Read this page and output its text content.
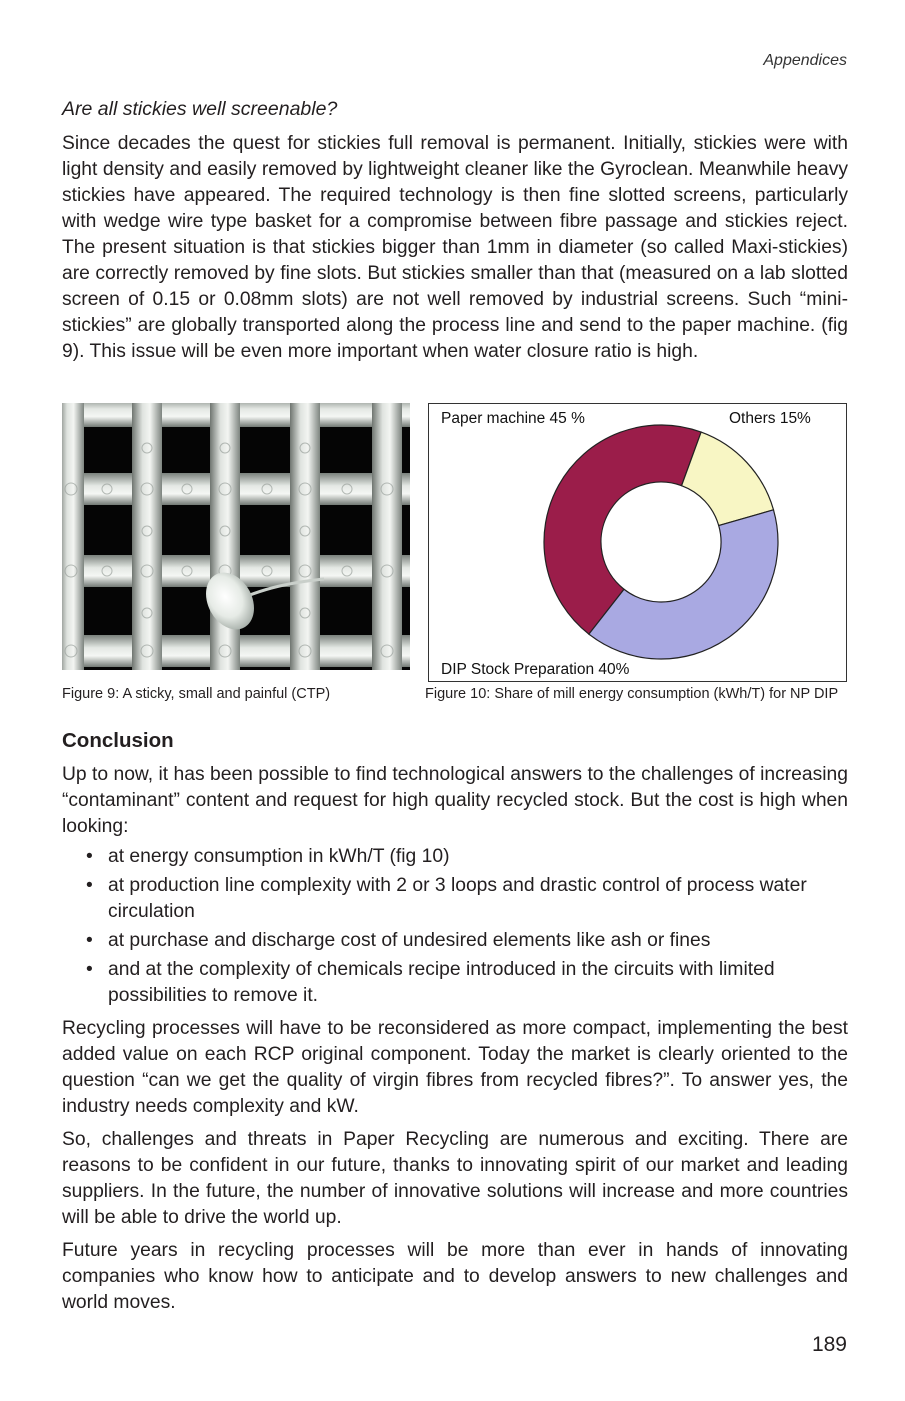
Appendices
Are all stickies well screenable?

Since decades the quest for stickies full removal is permanent. Initially, stickies were with light density and easily removed by lightweight cleaner like the Gyroclean. Meanwhile heavy stickies have appeared. The required technology is then fine slotted screens, particularly with wedge wire type basket for a compromise between fibre passage and stickies reject. The present situation is that stickies bigger than 1mm in diameter (so called Maxi-stickies) are correctly removed by fine slots. But stickies smaller than that (measured on a lab slotted screen of 0.15 or 0.08mm slots) are not well removed by industrial screens. Such “mini-stickies” are globally transported along the process line and send to the paper machine. (fig 9). This issue will be even more important when water closure ratio is high.

Figure 9: A sticky, small and painful (CTP)

Paper machine 45 %	Others 15%
DIP Stock Preparation 40%

Figure 10: Share of mill energy consumption (kWh/T) for NP DIP

Conclusion

Up to now, it has been possible to find technological answers to the challenges of increasing “contaminant” content and request for high quality recycled stock. But the cost is high when looking:

• at energy consumption in kWh/T (fig 10)
• at production line complexity with 2 or 3 loops and drastic control of process water circulation
• at purchase and discharge cost of undesired elements like ash or fines
• and at the complexity of chemicals recipe introduced in the circuits with limited possibilities to remove it.

Recycling processes will have to be reconsidered as more compact, implementing the best added value on each RCP original component. Today the market is clearly oriented to the question “can we get the quality of virgin fibres from recycled fibres?”. To answer yes, the industry needs complexity and kW.

So, challenges and threats in Paper Recycling are numerous and exciting. There are reasons to be confident in our future, thanks to innovating spirit of our market and leading suppliers. In the future, the number of innovative solutions will increase and more countries will be able to drive the world up.

Future years in recycling processes will be more than ever in hands of innovating companies who know how to anticipate and to develop answers to new challenges and world moves.

189
